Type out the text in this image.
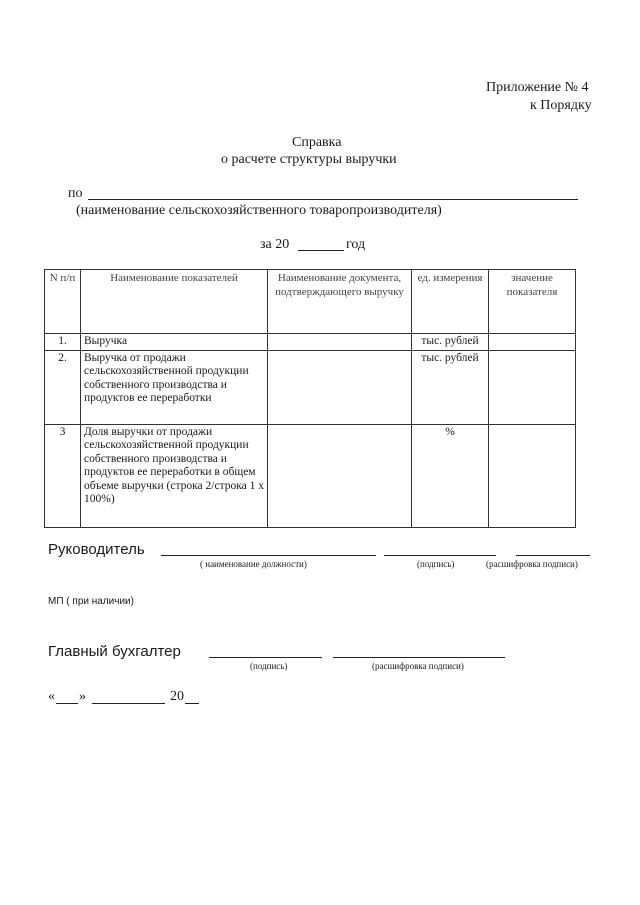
Приложение № 4
к Порядку
Справка
о расчете структуры выручки
по
(наименование сельскохозяйственного товаропроизводителя)
за 20	год
N п/п	Наименование показателей	Наименование документа, подтверждающего выручку	ед. измерения	значение показателя
1.	Выручка		тыс. рублей	
2.	Выручка от продажи сельскохозяйственной продукции собственного производства и продуктов ее переработки		тыс. рублей	
3	Доля выручки от продажи сельскохозяйственной продукции собственного производства и продуктов ее переработки в общем объеме выручки (строка 2/строка 1 x 100%)		%	
Руководитель
( наименование должности)	(подпись)	(расшифровка подписи)
МП ( при наличии)
Главный бухгалтер
(подпись)	(расшифровка подписи)
« »	20
